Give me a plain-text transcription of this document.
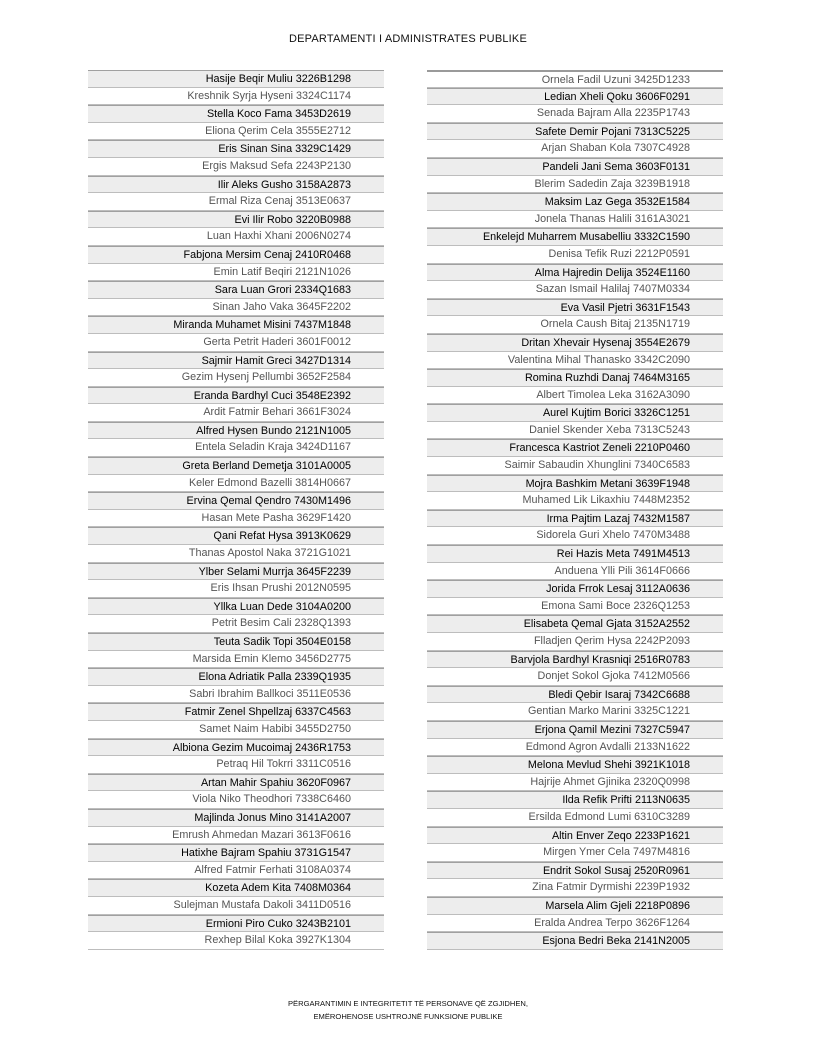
DEPARTAMENTI I ADMINISTRATES PUBLIKE
Hasije Beqir Muliu 3226B1298
Kreshnik Syrja Hyseni 3324C1174
Stella Koco Fama 3453D2619
Eliona Qerim Cela 3555E2712
Eris Sinan Sina 3329C1429
Ergis Maksud Sefa 2243P2130
Ilir Aleks Gusho 3158A2873
Ermal Riza Cenaj 3513E0637
Evi Ilir Robo 3220B0988
Luan Haxhi Xhani 2006N0274
Fabjona Mersim Cenaj 2410R0468
Emin Latif Beqiri 2121N1026
Sara Luan Grori 2334Q1683
Sinan Jaho Vaka 3645F2202
Miranda Muhamet Misini 7437M1848
Gerta Petrit Haderi 3601F0012
Sajmir Hamit Greci 3427D1314
Gezim Hysenj Pellumbi 3652F2584
Eranda Bardhyl Cuci 3548E2392
Ardit Fatmir Behari 3661F3024
Alfred Hysen Bundo 2121N1005
Entela Seladin Kraja 3424D1167
Greta Berland Demetja 3101A0005
Keler Edmond Bazelli 3814H0667
Ervina Qemal Qendro 7430M1496
Hasan Mete Pasha 3629F1420
Qani Refat Hysa 3913K0629
Thanas Apostol Naka 3721G1021
Ylber Selami Murrja 3645F2239
Eris Ihsan Prushi 2012N0595
Yllka Luan Dede 3104A0200
Petrit Besim Cali 2328Q1393
Teuta Sadik Topi 3504E0158
Marsida Emin Klemo 3456D2775
Elona Adriatik Palla 2339Q1935
Sabri Ibrahim Ballkoci 3511E0536
Fatmir Zenel Shpellzaj 6337C4563
Samet Naim Habibi 3455D2750
Albiona Gezim Mucoimaj 2436R1753
Petraq Hil Tokrri 3311C0516
Artan Mahir Spahiu 3620F0967
Viola Niko Theodhori 7338C6460
Majlinda Jonus Mino 3141A2007
Emrush Ahmedan Mazari 3613F0616
Hatixhe Bajram Spahiu 3731G1547
Alfred Fatmir Ferhati 3108A0374
Kozeta Adem Kita 7408M0364
Sulejman Mustafa Dakoli 3411D0516
Ermioni Piro Cuko 3243B2101
Rexhep Bilal Koka 3927K1304
Ornela Fadil Uzuni 3425D1233
Ledian Xheli Qoku 3606F0291
Senada Bajram Alla 2235P1743
Safete Demir Pojani 7313C5225
Arjan Shaban Kola 7307C4928
Pandeli Jani Sema 3603F0131
Blerim Sadedin Zaja 3239B1918
Maksim Laz Gega 3532E1584
Jonela Thanas Halili 3161A3021
Enkelejd Muharrem Musabelliu 3332C1590
Denisa Tefik Ruzi 2212P0591
Alma Hajredin Delija 3524E1160
Sazan Ismail Halilaj 7407M0334
Eva Vasil Pjetri 3631F1543
Ornela Caush Bitaj 2135N1719
Dritan Xhevair Hysenaj 3554E2679
Valentina Mihal Thanasko 3342C2090
Romina Ruzhdi Danaj 7464M3165
Albert Timolea Leka 3162A3090
Aurel Kujtim Borici 3326C1251
Daniel Skender Xeba 7313C5243
Francesca Kastriot Zeneli 2210P0460
Saimir Sabaudin Xhunglini 7340C6583
Mojra Bashkim Metani 3639F1948
Muhamed Lik Likaxhiu 7448M2352
Irma Pajtim Lazaj 7432M1587
Sidorela Guri Xhelo 7470M3488
Rei Hazis Meta 7491M4513
Anduena Ylli Pili 3614F0666
Jorida Frrok Lesaj 3112A0636
Emona Sami Boce 2326Q1253
Elisabeta Qemal Gjata 3152A2552
Flladjen Qerim Hysa 2242P2093
Barvjola Bardhyl Krasniqi 2516R0783
Donjet Sokol Gjoka 7412M0566
Bledi Qebir Isaraj 7342C6688
Gentian Marko Marini 3325C1221
Erjona Qamil Mezini 7327C5947
Edmond Agron Avdalli 2133N1622
Melona Mevlud Shehi 3921K1018
Hajrije Ahmet Gjinika 2320Q0998
Ilda Refik Prifti 2113N0635
Ersilda Edmond Lumi 6310C3289
Altin Enver Zeqo 2233P1621
Mirgen Ymer Cela 7497M4816
Endrit Sokol Susaj 2520R0961
Zina Fatmir Dyrmishi 2239P1932
Marsela Alim Gjeli 2218P0896
Eralda Andrea Terpo 3626F1264
Esjona Bedri Beka 2141N2005
PËRGARANTIMIN E INTEGRITETIT TË PERSONAVE QË ZGJIDHEN,
EMËROHENOSE USHTROJNË FUNKSIONE PUBLIKE
